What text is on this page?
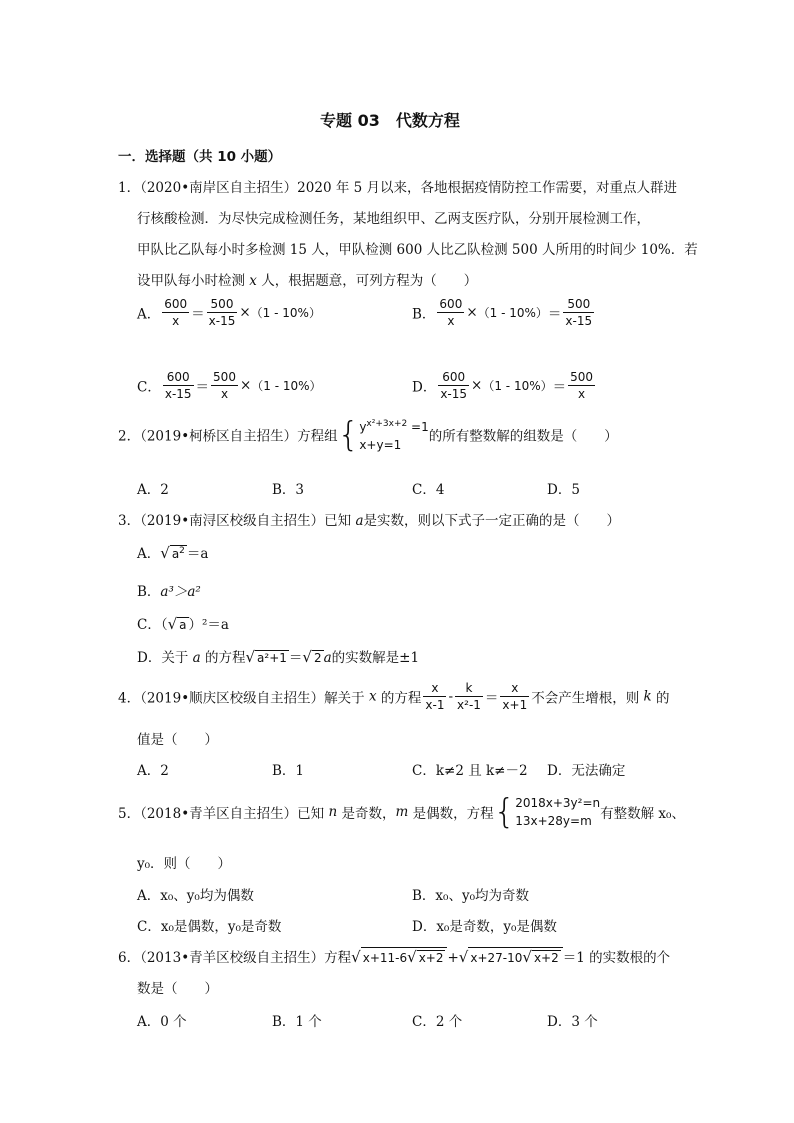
专题 03　代数方程
一．选择题（共 10 小题）
1．（2020•南岸区自主招生）2020 年 5 月以来，各地根据疫情防控工作需要，对重点人群进
行核酸检测．为尽快完成检测任务，某地组织甲、乙两支医疗队，分别开展检测工作，
甲队比乙队每小时多检测 15 人，甲队检测 600 人比乙队检测 500 人所用的时间少 10%．若
设甲队每小时检测 x 人，根据题意，可列方程为（　　）
A． $\frac{600}{x} = \frac{500}{x-15} \times(1 - 10\%)$	B． $\frac{600}{x} \times(1 - 10\%)= \frac{500}{x-15}$
C． $\frac{600}{x-15} = \frac{500}{x} \times(1 - 10\%)$	D． $\frac{600}{x-15} \times(1 - 10\%)= \frac{500}{x}$
2．（2019•柯桥区自主招生）方程组{ $y^{x^2+3x+2} =1$
x+y=1
的所有整数解的组数是（　　）
A．2	B．3	C．4	D．5
3．（2019•南浔区校级自主招生）已知 a是实数，则以下式子一定正确的是（　　）
A．√ $a^2 =a$
B．a³＞a²
C．（√ a ）²＝a
D．关于 a 的方程√ a²+1 ＝√ 2 a的实数解是±1
4．（2019•顺庆区校级自主招生）解关于 x 的方程 $\frac{x}{x-1} - \frac{k}{\text{x²-1}} = \frac{x}{x+1}$ 不会产生增根，则 k 的
值是（　　）
A．2	B．1	C．k≠2 且 k≠－2 D．无法确定
5．（2018•青羊区自主招生）已知 n 是奇数，m 是偶数，方程{ 2018x+3y²=n
13x+28y=m 有整数解 x₀、
y₀．则（　　）
A．x₀、y₀均为偶数	B．x₀、y₀均为奇数
C．x₀是偶数，y₀是奇数	D．x₀是奇数，y₀是偶数
6．（2013•青羊区校级自主招生）方程√ x+11-6√ x+2 +√ x+27-10√ x+2 ＝1 的实数根的个
数是（　　）
A．0 个	B．1 个	C．2 个	D．3 个
